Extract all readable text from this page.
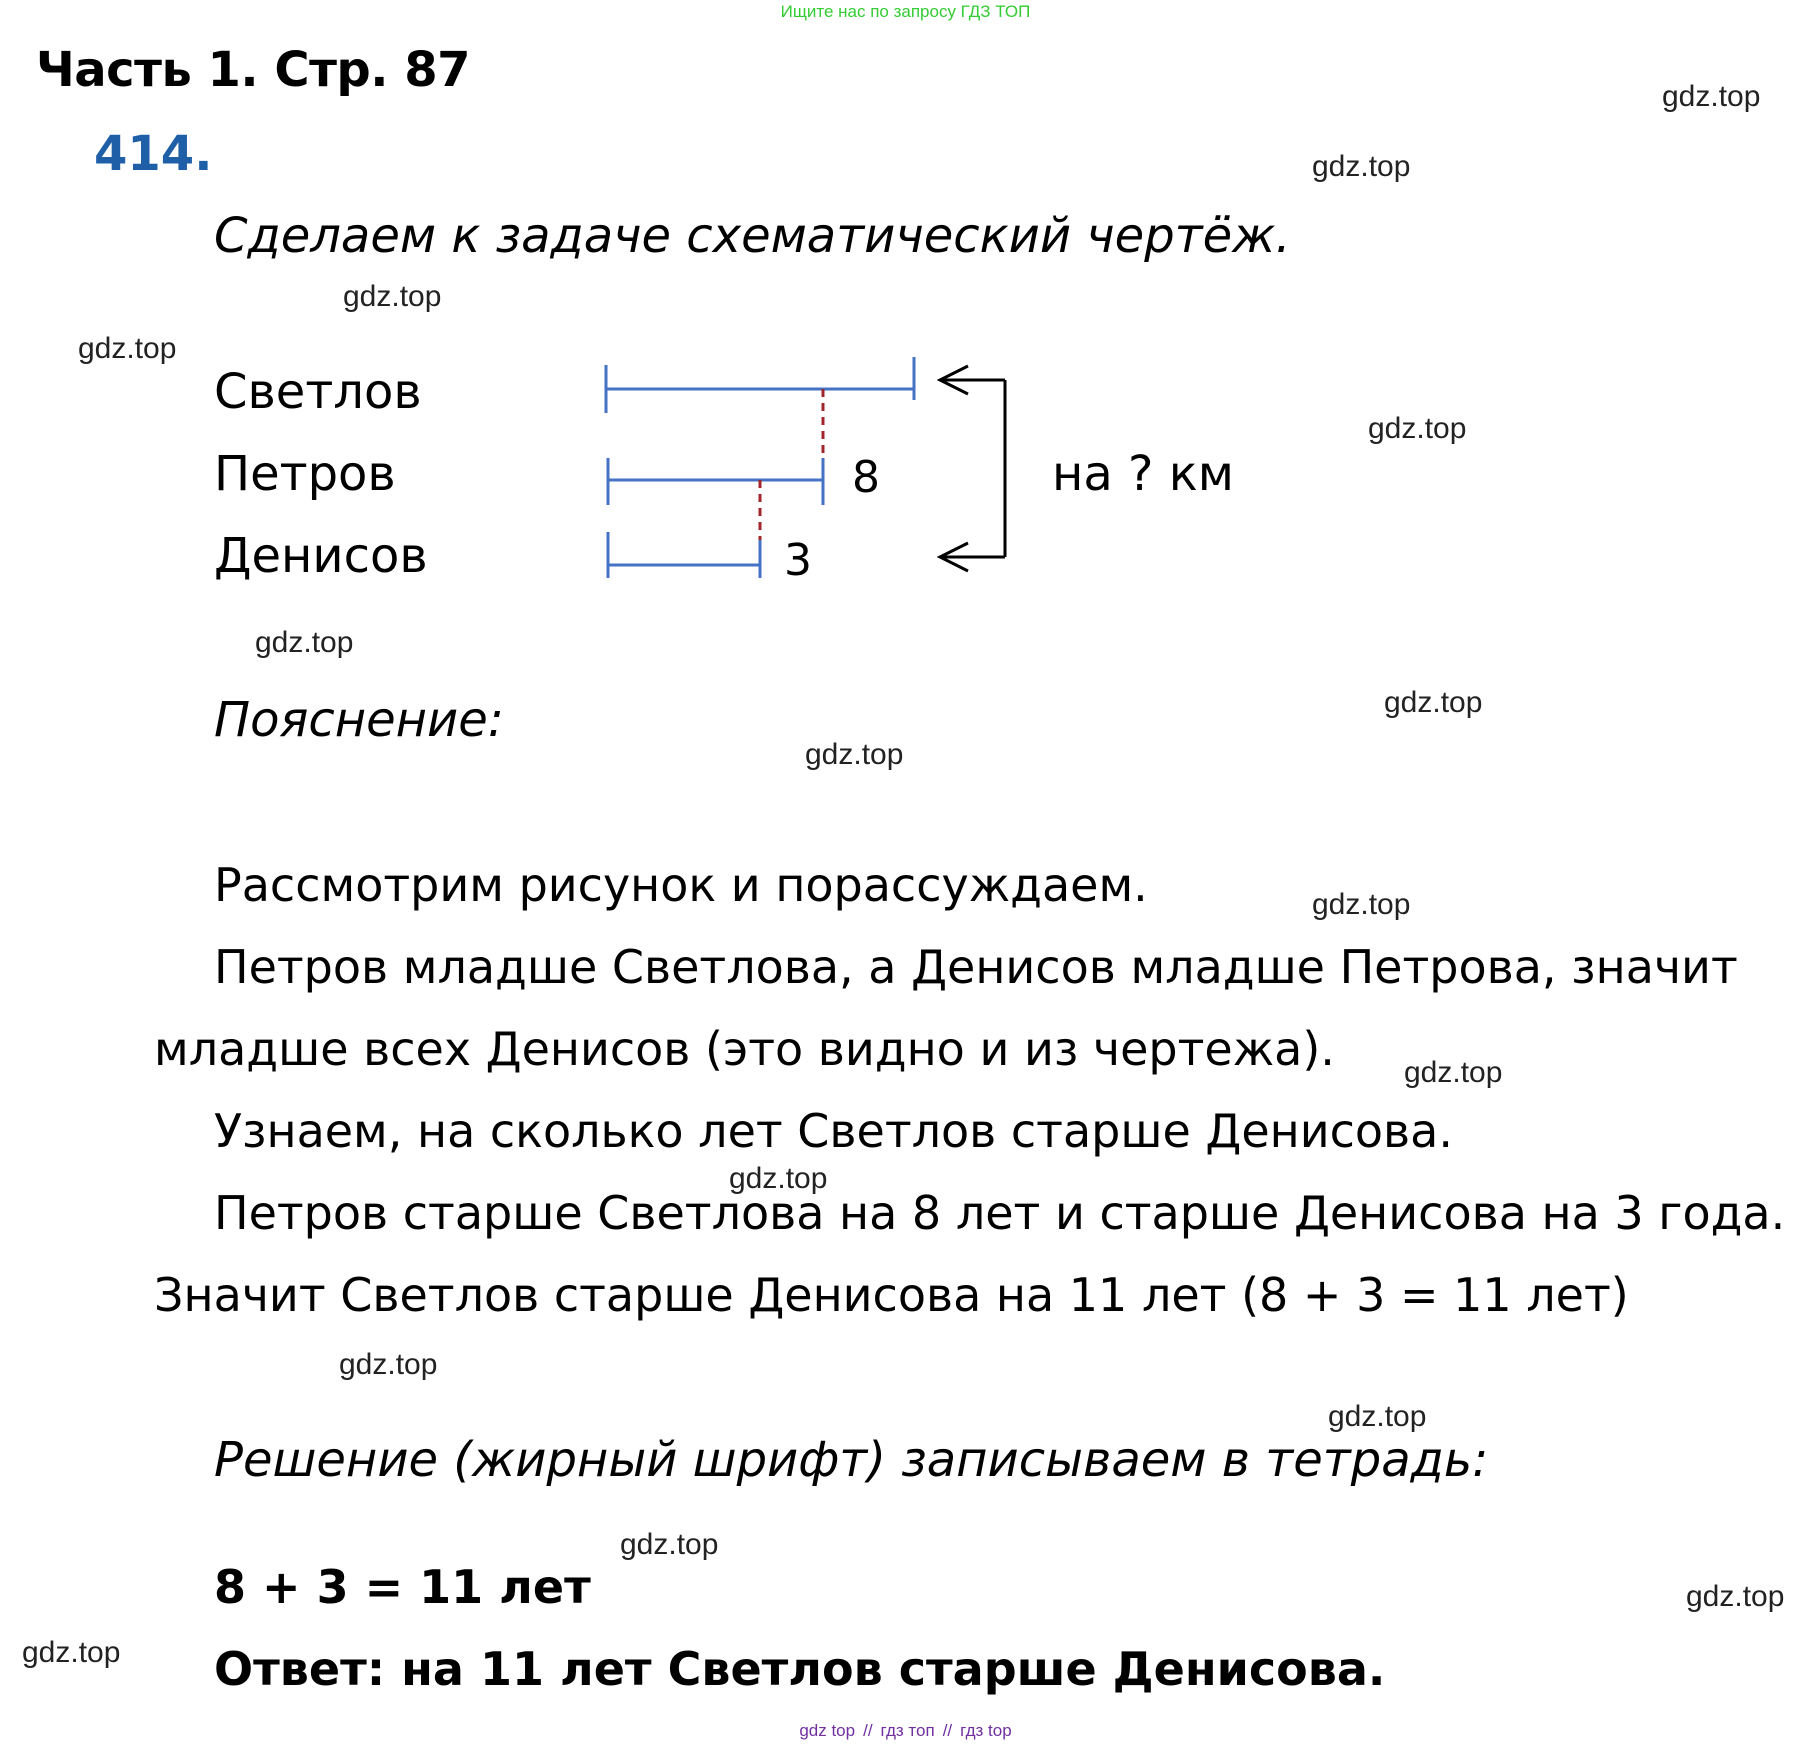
Ищите нас по запросу ГДЗ ТОП
Часть 1. Стр. 87
414.
Сделаем к задаче схематический чертёж.
Светлов
Петров
Денисов
8
3
на ? км
Пояснение:
Рассмотрим рисунок и порассуждаем.
Петров младше Светлова, а Денисов младше Петрова, значит
младше всех Денисов (это видно и из чертежа).
Узнаем, на сколько лет Светлов старше Денисова.
Петров старше Светлова на 8 лет и старше Денисова на 3 года.
Значит Светлов старше Денисова на 11 лет (8 + 3 = 11 лет)
Решение (жирный шрифт) записываем в тетрадь:
8 + 3 = 11 лет
Ответ: на 11 лет Светлов старше Денисова.
gdz.top
gdz.top
gdz.top
gdz.top
gdz.top
gdz.top
gdz.top
gdz.top
gdz.top
gdz.top
gdz.top
gdz.top
gdz.top
gdz.top
gdz.top
gdz.top
gdz top // гдз топ // гдз top
